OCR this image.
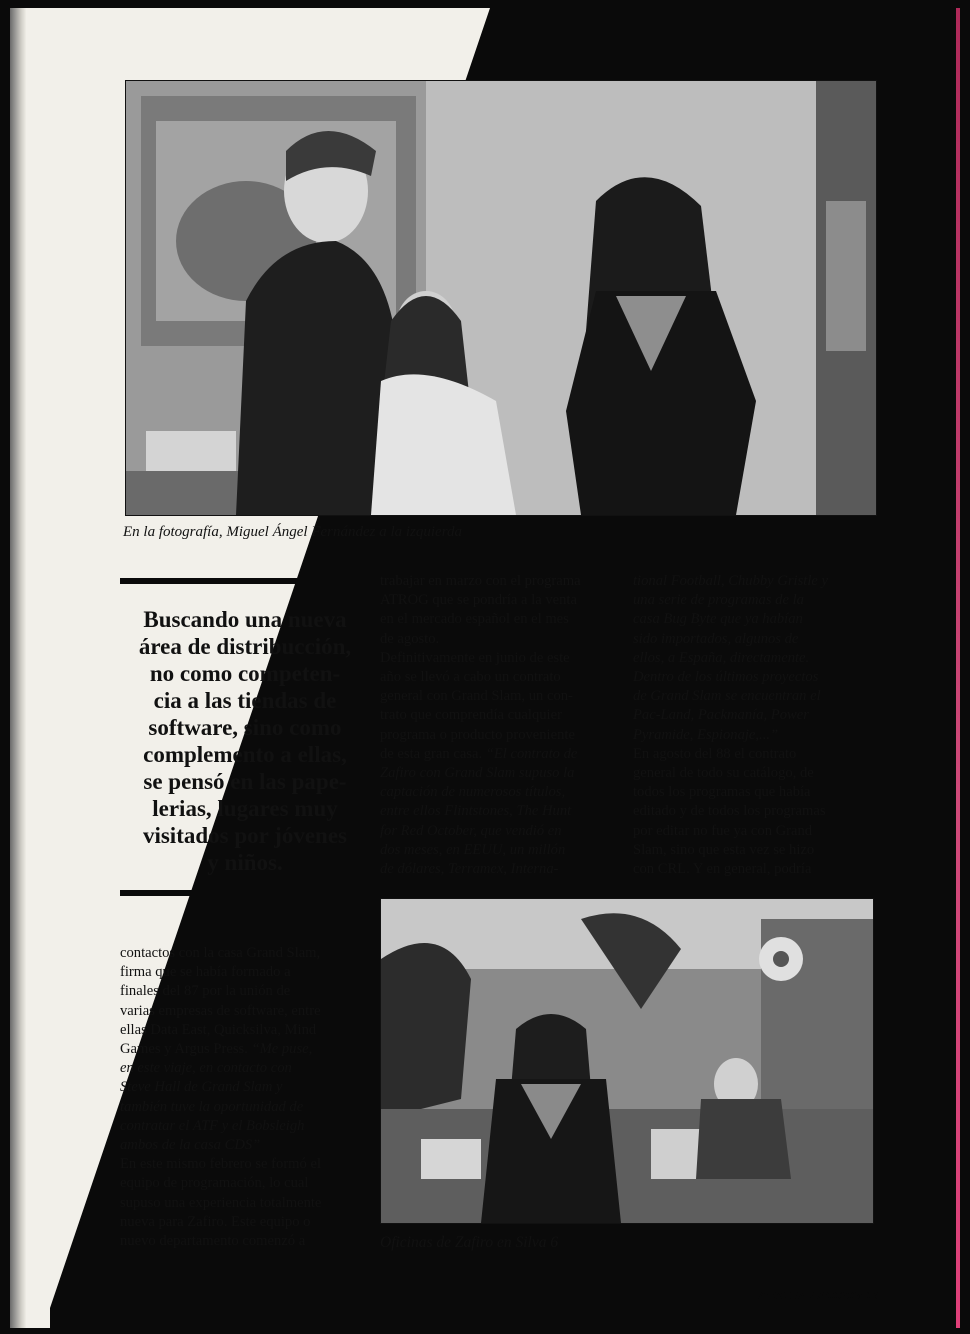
En la fotografía, Miguel Ángel Fernández a la izquierda
Buscando una nueva
área de distribucción,
no como competen-
cia a las tiendas de
software, sino como
complemento a ellas,
se pensó en las pape-
lerias, lugares muy
visitados por jóvenes
y niños.
trabajar en marzo con el programa
ATROG que se pondría a la venta
en el mercado español en el mes
de agosto.
Definitivamente en junio de este
año se llevó a cabo un contrato
general con Grand Slam, un con-
trato que comprendía cualquier
programa o producto proveniente
de esta gran casa. “El contrato de
Zafiro con Grand Slam supuso la
captación de numerosos títulos,
entre ellos Flintstones, The Hunt
for Red October, que vendió en
dos meses, en EEUU, un millón
de dólares, Terramex, Interna-
tional Football, Chubby Gristle y
una serie de programas de la
casa Bug Byte que ya habían
sido importados, algunos de
ellos, a España, directamente.
Dentro de los últimos proyectos
de Grand Slam se encuentran el
Pac-Land, Packmanía, Power
Pyramide, Espionaje,...”
En agosto del 88 el contrato
general de todo su catálogo, de
todos los programas que había
editado y de todos los programas
por editar no fue ya con Grand
Slam, sino que esta vez se hizo
con CRL. Y en general, podría
Oficinas de Zafiro en Silva 6
contactos con la casa Grand Slam,
firma que se había formado a
finales del 87 por la unión de
varias empresas de software, entre
ellas Data East, Quicksilva, Mind
Games y Argus Press. “Me puse,
en este viaje, en contacto con
Steve Hall de Grand Slam y
también tuve la oportunidad de
contratar el ATF y el Bobsleigh
ambos de la casa CDS”
En este mismo febrero se formó el
equipo de programación, lo cual
supuso una experiencia totalmente
nueva para Zafiro. Este equipo o
nuevo departamento comenzó a
AMSTRAD ACCION 15
